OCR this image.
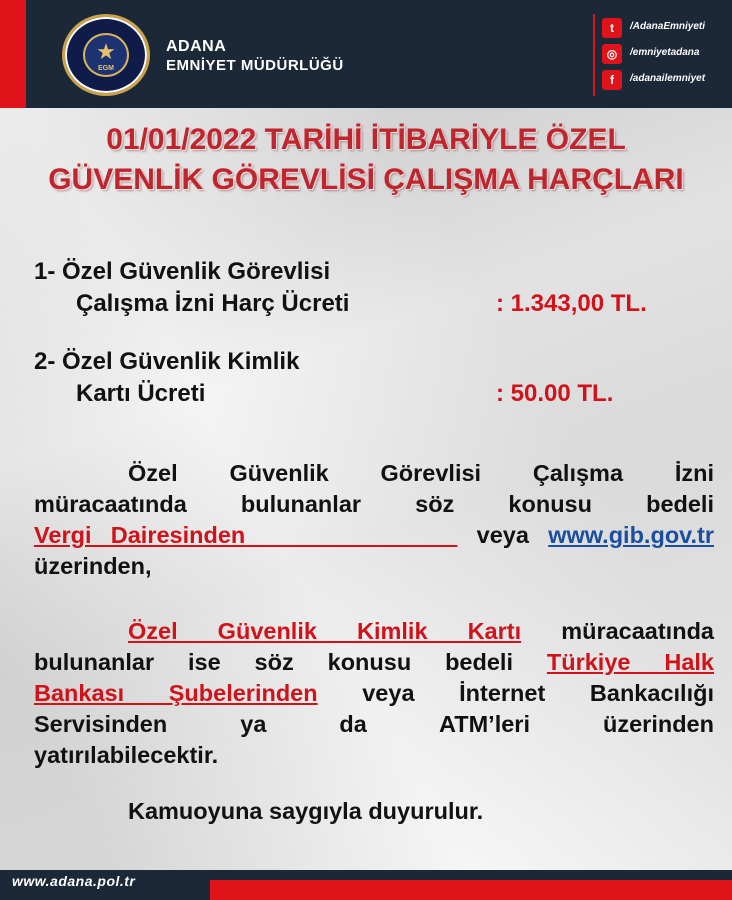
★
EGM
ADANA
EMNİYET MÜDÜRLÜĞÜ
t	/AdanaEmniyeti
◎	/emniyetadana
f	/adanailemniyet
01/01/2022 TARİHİ İTİBARİYLE ÖZEL
GÜVENLİK GÖREVLİSİ ÇALIŞMA HARÇLARI
1- Özel Güvenlik Görevlisi
Çalışma İzni Harç Ücreti	: 1.343,00 TL.
2- Özel Güvenlik Kimlik
Kartı Ücreti	: 50.00 TL.
Özel Güvenlik Görevlisi Çalışma İzni
müracaatında bulunanlar söz konusu bedeli
Vergi Dairesinden	veya www.gib.gov.tr
üzerinden,
Özel Güvenlik Kimlik Kartı müracaatında
bulunanlar ise söz konusu bedeli Türkiye Halk
Bankası Şubelerinden veya İnternet Bankacılığı
Servisinden ya da ATM’leri üzerinden
yatırılabilecektir.
Kamuoyuna saygıyla duyurulur.
www.adana.pol.tr
